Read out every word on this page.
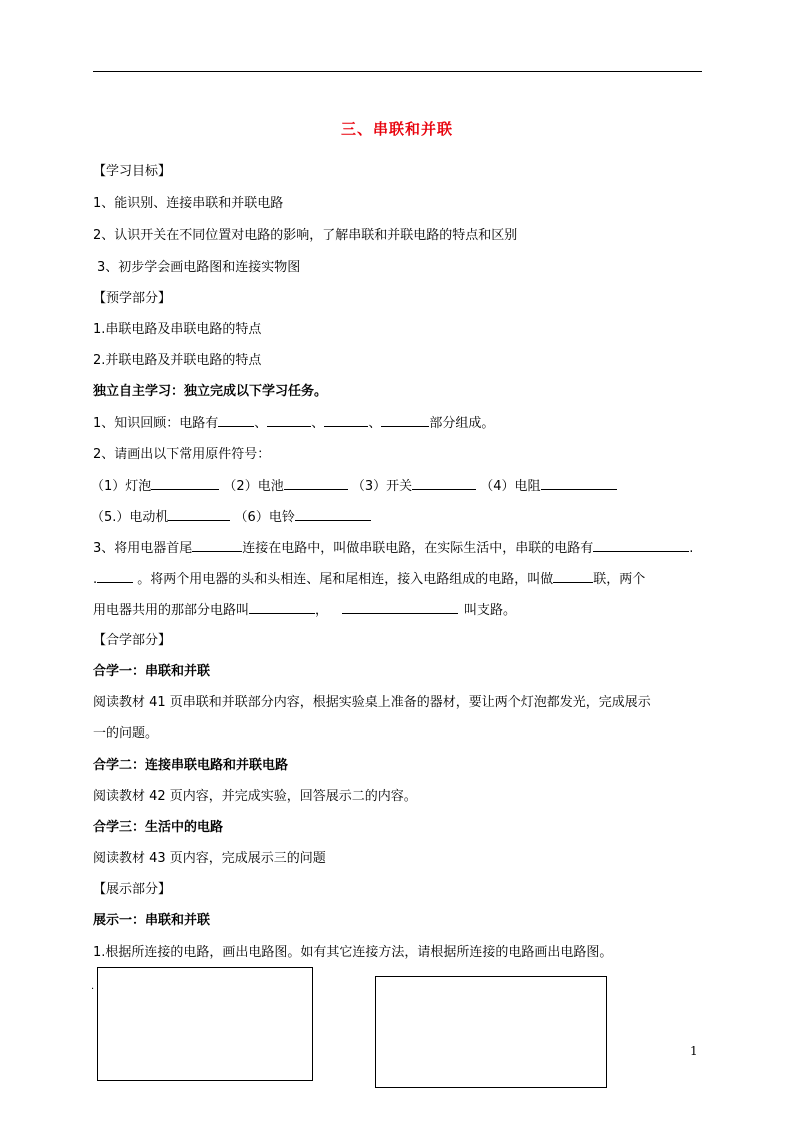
三、串联和并联
【学习目标】
1、能识别、连接串联和并联电路
2、认识开关在不同位置对电路的影响，了解串联和并联电路的特点和区别
3、初步学会画电路图和连接实物图
【预学部分】
1.串联电路及串联电路的特点
2.并联电路及并联电路的特点
独立自主学习：独立完成以下学习任务。
1、知识回顾：电路有	、	、	、	部分组成。
2、请画出以下常用原件符号：
（1）灯泡	（2）电池	（3）开关	（4）电阻
（5.）电动机	（6）电铃
3、将用电器首尾	连接在电路中，叫做串联电路，在实际生活中，串联的电路有	.
.	。将两个用电器的头和头相连、尾和尾相连，接入电路组成的电路，叫做	联，两个
用电器共用的那部分电路叫	，	叫支路。
【合学部分】
合学一：串联和并联
阅读教材 41 页串联和并联部分内容，根据实验桌上准备的器材，要让两个灯泡都发光，完成展示
一的问题。
合学二：连接串联电路和并联电路
阅读教材 42 页内容，并完成实验，回答展示二的内容。
合学三：生活中的电路
阅读教材 43 页内容，完成展示三的问题
【展示部分】
展示一：串联和并联
1.根据所连接的电路，画出电路图。如有其它连接方法，请根据所连接的电路画出电路图。
·
1
